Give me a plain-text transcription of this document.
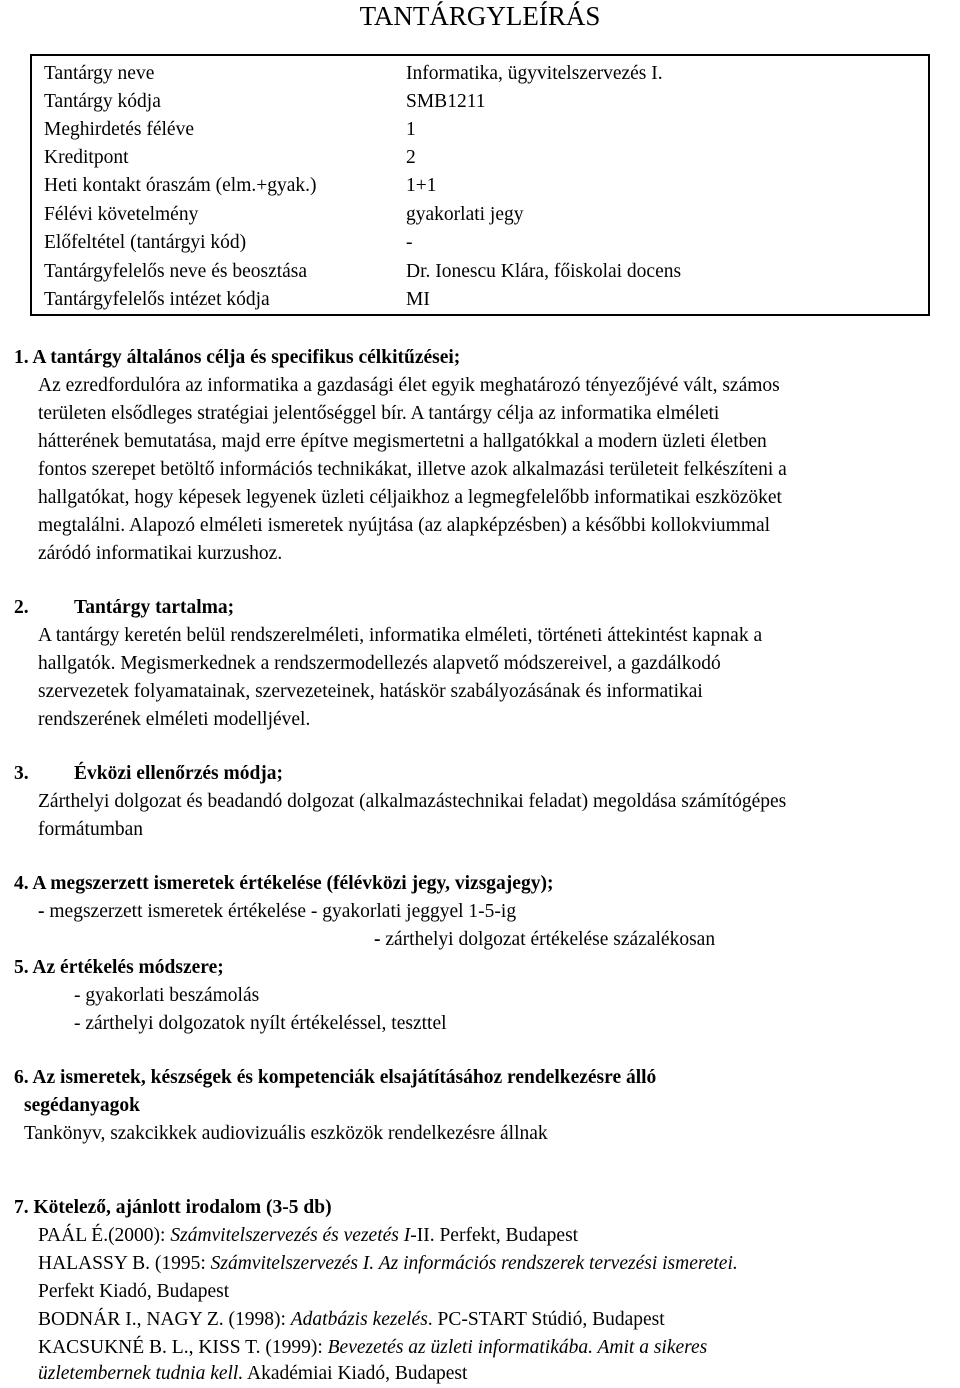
TANTÁRGYLEÍRÁS
Tantárgy neve	Informatika, ügyvitelszervezés I.
Tantárgy kódja	SMB1211
Meghirdetés féléve	1
Kreditpont	2
Heti kontakt óraszám (elm.+gyak.)	1+1
Félévi követelmény	gyakorlati jegy
Előfeltétel (tantárgyi kód)	-
Tantárgyfelelős neve és beosztása	Dr. Ionescu Klára, főiskolai docens
Tantárgyfelelős intézet kódja	MI
1. A tantárgy általános célja és specifikus célkitűzései;
Az ezredfordulóra az informatika a gazdasági élet egyik meghatározó tényezőjévé vált, számos
területen elsődleges stratégiai jelentőséggel bír. A tantárgy célja az informatika elméleti
hátterének bemutatása, majd erre építve megismertetni a hallgatókkal a modern üzleti életben
fontos szerepet betöltő információs technikákat, illetve azok alkalmazási területeit felkészíteni a
hallgatókat, hogy képesek legyenek üzleti céljaikhoz a legmegfelelőbb informatikai eszközöket
megtalálni. Alapozó elméleti ismeretek nyújtása (az alapképzésben) a későbbi kollokviummal
záródó informatikai kurzushoz.
2. Tantárgy tartalma;
A tantárgy keretén belül rendszerelméleti, informatika elméleti, történeti áttekintést kapnak a
hallgatók. Megismerkednek a rendszermodellezés alapvető módszereivel, a gazdálkodó
szervezetek folyamatainak, szervezeteinek, hatáskör szabályozásának és informatikai
rendszerének elméleti modelljével.
3. Évközi ellenőrzés módja;
Zárthelyi dolgozat és beadandó dolgozat (alkalmazástechnikai feladat) megoldása számítógépes
formátumban
4. A megszerzett ismeretek értékelése (félévközi jegy, vizsgajegy);
- megszerzett ismeretek értékelése - gyakorlati jeggyel 1-5-ig
- zárthelyi dolgozat értékelése százalékosan
5. Az értékelés módszere;
- gyakorlati beszámolás
- zárthelyi dolgozatok nyílt értékeléssel, teszttel
6. Az ismeretek, készségek és kompetenciák elsajátításához rendelkezésre álló
segédanyagok
Tankönyv, szakcikkek audiovizuális eszközök rendelkezésre állnak
7. Kötelező, ajánlott irodalom (3-5 db)
PAÁL É.(2000): Számvitelszervezés és vezetés I-II. Perfekt, Budapest
HALASSY B. (1995: Számvitelszervezés I. Az információs rendszerek tervezési ismeretei.
Perfekt Kiadó, Budapest
BODNÁR I., NAGY Z. (1998): Adatbázis kezelés. PC-START Stúdió, Budapest
KACSUKNÉ B. L., KISS T. (1999): Bevezetés az üzleti informatikába. Amit a sikeres
üzletembernek tudnia kell. Akadémiai Kiadó, Budapest
